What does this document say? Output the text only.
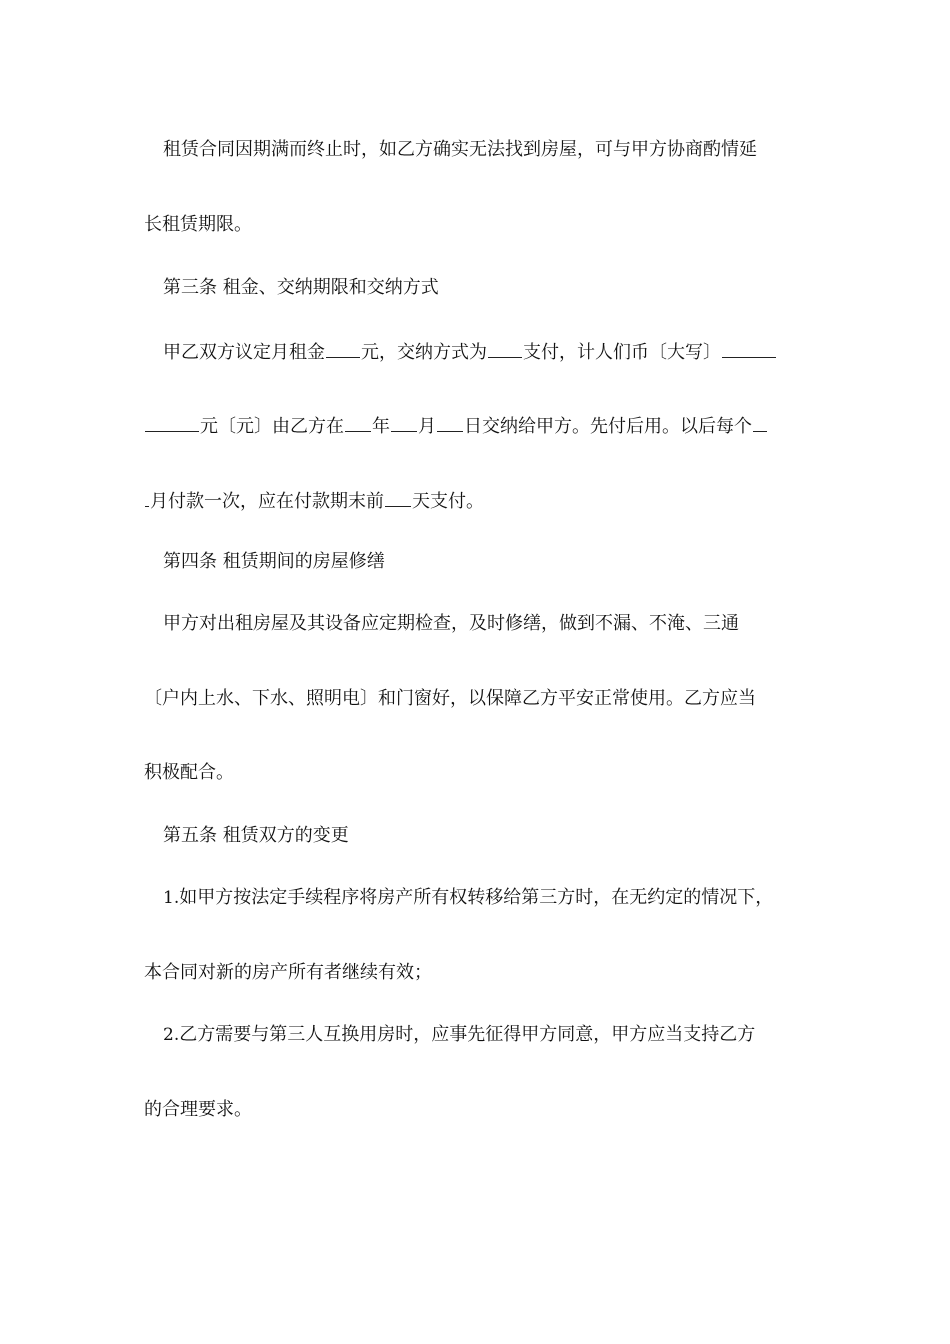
租赁合同因期满而终止时，如乙方确实无法找到房屋，可与甲方协商酌情延
长租赁期限。
第三条 租金、交纳期限和交纳方式
甲乙双方议定月租金 元，交纳方式为 支付，计人们币〔大写〕
元〔元〕由乙方在 年 月 日交纳给甲方。先付后用。以后每个
月付款一次，应在付款期末前 天支付。
第四条 租赁期间的房屋修缮
甲方对出租房屋及其设备应定期检查，及时修缮，做到不漏、不淹、三通
〔户内上水、下水、照明电〕和门窗好，以保障乙方平安正常使用。乙方应当
积极配合。
第五条 租赁双方的变更
1.如甲方按法定手续程序将房产所有权转移给第三方时，在无约定的情况下，
本合同对新的房产所有者继续有效；
2.乙方需要与第三人互换用房时，应事先征得甲方同意，甲方应当支持乙方
的合理要求。
